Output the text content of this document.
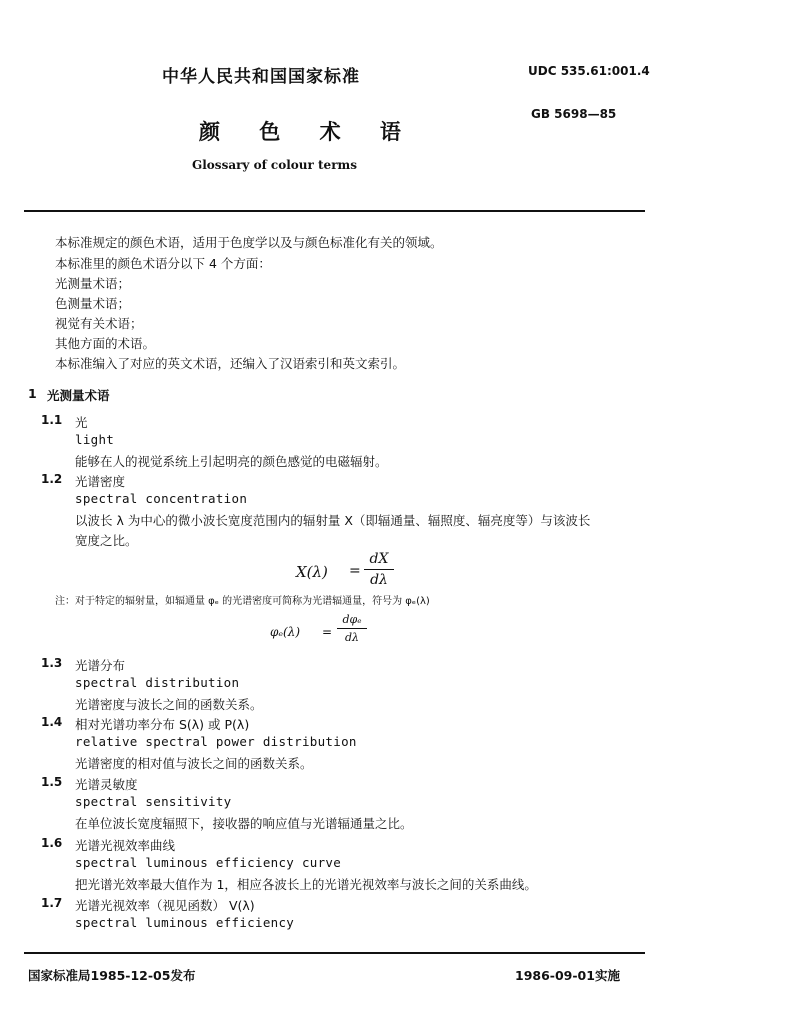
中华人民共和国国家标准	UDC 535.61:001.4
颜 色 术 语
GB 5698—85
Glossary of colour terms
本标准规定的颜色术语，适用于色度学以及与颜色标准化有关的领域。
本标准里的颜色术语分以下 4 个方面：
光测量术语；
色测量术语；
视觉有关术语；
其他方面的术语。
本标准编入了对应的英文术语，还编入了汉语索引和英文索引。
1 光测量术语
1.1 光
light
能够在人的视觉系统上引起明亮的颜色感觉的电磁辐射。
1.2 光谱密度
spectral concentration
以波长 λ 为中心的微小波长宽度范围内的辐射量 X（即辐通量、辐照度、辐亮度等）与该波长
宽度之比。
X(λ) =
dX
dλ
注：对于特定的辐射量，如辐通量 φₑ 的光谱密度可简称为光谱辐通量，符号为 φₑ(λ)
φₑ(λ) =
dφₑ
dλ
1.3 光谱分布
spectral distribution
光谱密度与波长之间的函数关系。
1.4 相对光谱功率分布 S(λ) 或 P(λ)
relative spectral power distribution
光谱密度的相对值与波长之间的函数关系。
1.5 光谱灵敏度
spectral sensitivity
在单位波长宽度辐照下，接收器的响应值与光谱辐通量之比。
1.6 光谱光视效率曲线
spectral luminous efficiency curve
把光谱光效率最大值作为 1，相应各波长上的光谱光视效率与波长之间的关系曲线。
1.7 光谱光视效率（视见函数） V(λ)
spectral luminous efficiency
国家标准局1985-12-05发布	1986-09-01实施
